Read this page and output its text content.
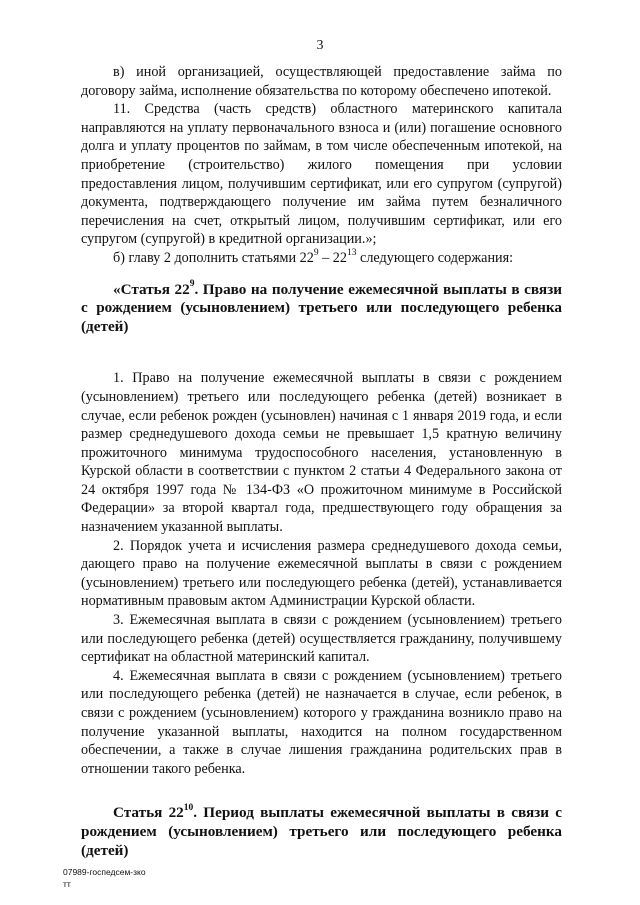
3

в) иной организацией, осуществляющей предоставление займа по договору займа, исполнение обязательства по которому обеспечено ипотекой.

11. Средства (часть средств) областного материнского капитала направляются на уплату первоначального взноса и (или) погашение основного долга и уплату процентов по займам, в том числе обеспеченным ипотекой, на приобретение (строительство) жилого помещения при условии предоставления лицом, получившим сертификат, или его супругом (супругой) документа, подтверждающего получение им займа путем безналичного перечисления на счет, открытый лицом, получившим сертификат, или его супругом (супругой) в кредитной организации.»;

б) главу 2 дополнить статьями $22^9 - 22^{13}$ следующего содержания:

«Статья $22^9$. Право на получение ежемесячной выплаты в связи с рождением (усыновлением) третьего или последующего ребенка (детей)

1. Право на получение ежемесячной выплаты в связи с рождением (усыновлением) третьего или последующего ребенка (детей) возникает в случае, если ребенок рожден (усыновлен) начиная с 1 января 2019 года, и если размер среднедушевого дохода семьи не превышает 1,5 кратную величину прожиточного минимума трудоспособного населения, установленную в Курской области в соответствии с пунктом 2 статьи 4 Федерального закона от 24 октября 1997 года № 134-ФЗ «О прожиточном минимуме в Российской Федерации» за второй квартал года, предшествующего году обращения за назначением указанной выплаты.

2. Порядок учета и исчисления размера среднедушевого дохода семьи, дающего право на получение ежемесячной выплаты в связи с рождением (усыновлением) третьего или последующего ребенка (детей), устанавливается нормативным правовым актом Администрации Курской области.

3. Ежемесячная выплата в связи с рождением (усыновлением) третьего или последующего ребенка (детей) осуществляется гражданину, получившему сертификат на областной материнский капитал.

4. Ежемесячная выплата в связи с рождением (усыновлением) третьего или последующего ребенка (детей) не назначается в случае, если ребенок, в связи с рождением (усыновлением) которого у гражданина возникло право на получение указанной выплаты, находится на полном государственном обеспечении, а также в случае лишения гражданина родительских прав в отношении такого ребенка.

Статья $22^{10}$. Период выплаты ежемесячной выплаты в связи с рождением (усыновлением) третьего или последующего ребенка (детей)

07989-госпедсем-зко
тт
